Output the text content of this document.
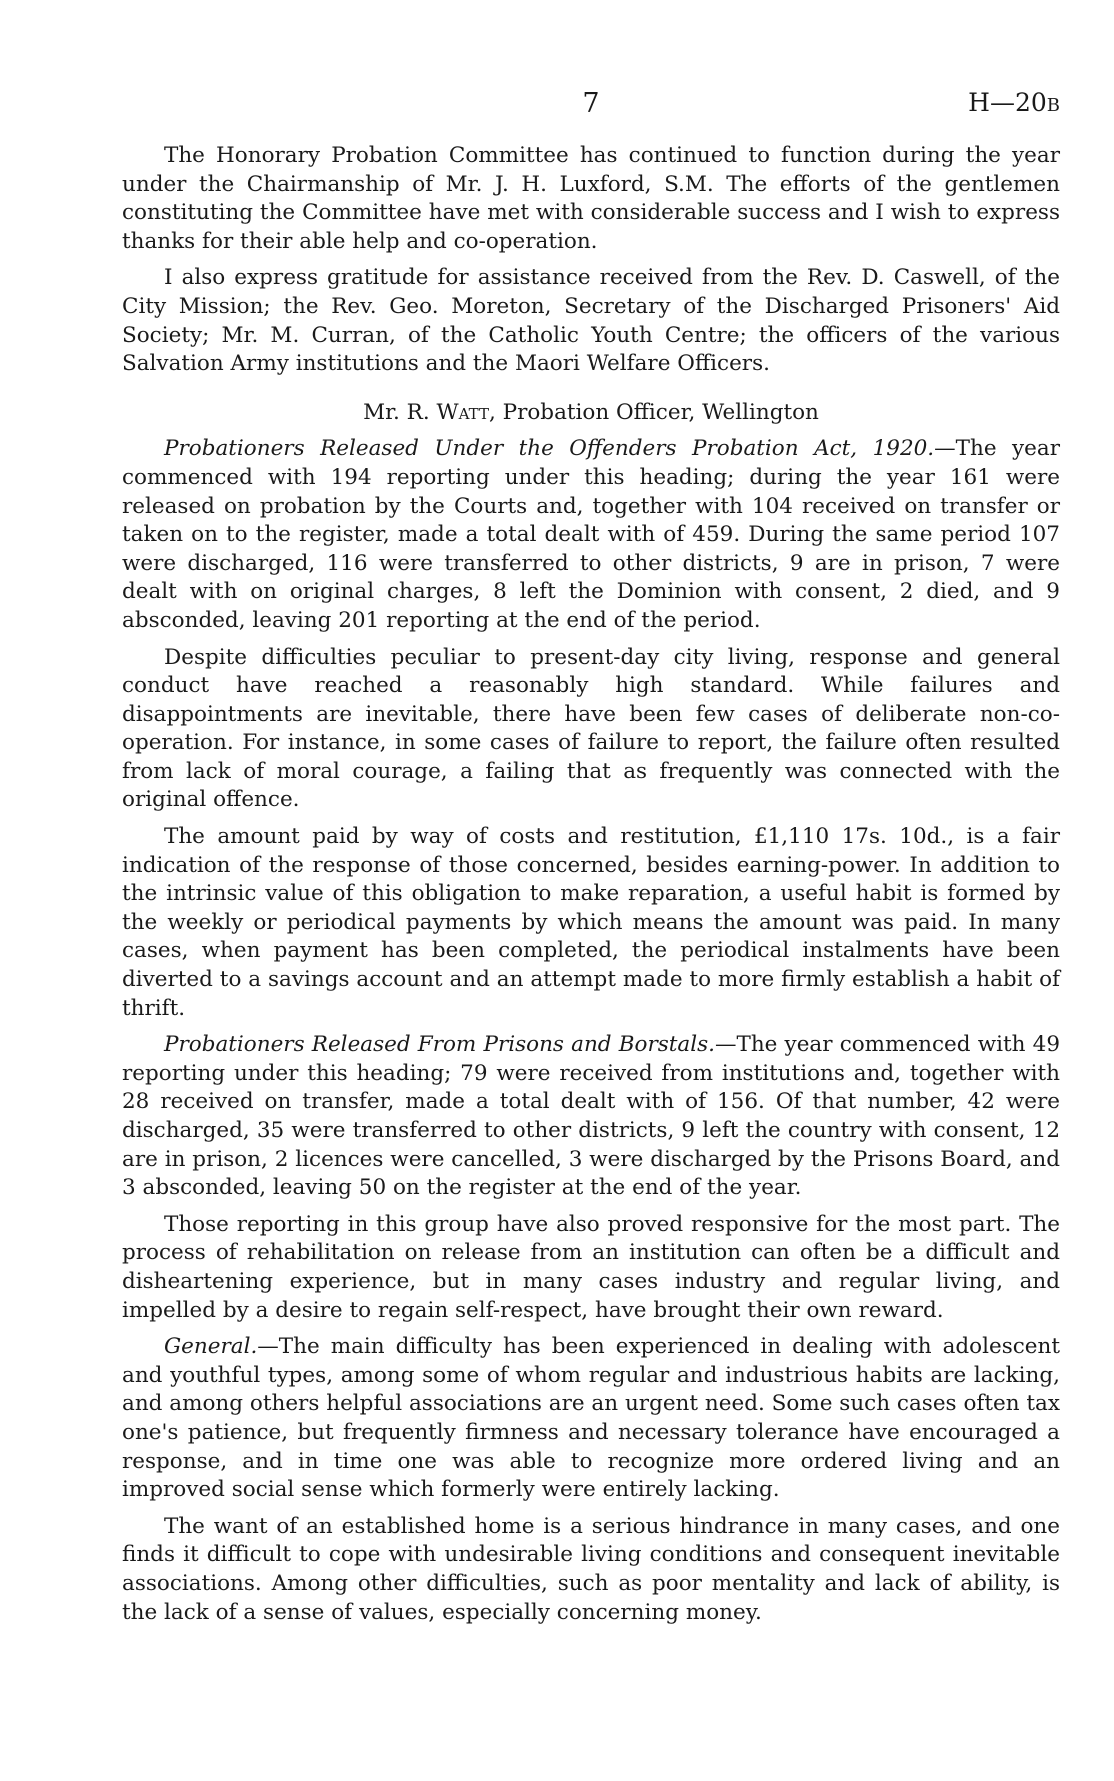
7	H—20B

The Honorary Probation Committee has continued to function during the year under the Chairmanship of Mr. J. H. Luxford, S.M. The efforts of the gentlemen constituting the Committee have met with considerable success and I wish to express thanks for their able help and co-operation.

I also express gratitude for assistance received from the Rev. D. Caswell, of the City Mission; the Rev. Geo. Moreton, Secretary of the Discharged Prisoners' Aid Society; Mr. M. Curran, of the Catholic Youth Centre; the officers of the various Salvation Army institutions and the Maori Welfare Officers.

Mr. R. Watt, Probation Officer, Wellington

Probationers Released Under the Offenders Probation Act, 1920.—The year commenced with 194 reporting under this heading; during the year 161 were released on probation by the Courts and, together with 104 received on transfer or taken on to the register, made a total dealt with of 459. During the same period 107 were discharged, 116 were transferred to other districts, 9 are in prison, 7 were dealt with on original charges, 8 left the Dominion with consent, 2 died, and 9 absconded, leaving 201 reporting at the end of the period.

Despite difficulties peculiar to present-day city living, response and general conduct have reached a reasonably high standard. While failures and disappointments are inevitable, there have been few cases of deliberate non-co-operation. For instance, in some cases of failure to report, the failure often resulted from lack of moral courage, a failing that as frequently was connected with the original offence.

The amount paid by way of costs and restitution, £1,110 17s. 10d., is a fair indication of the response of those concerned, besides earning-power. In addition to the intrinsic value of this obligation to make reparation, a useful habit is formed by the weekly or periodical payments by which means the amount was paid. In many cases, when payment has been completed, the periodical instalments have been diverted to a savings account and an attempt made to more firmly establish a habit of thrift.

Probationers Released From Prisons and Borstals.—The year commenced with 49 reporting under this heading; 79 were received from institutions and, together with 28 received on transfer, made a total dealt with of 156. Of that number, 42 were discharged, 35 were transferred to other districts, 9 left the country with consent, 12 are in prison, 2 licences were cancelled, 3 were discharged by the Prisons Board, and 3 absconded, leaving 50 on the register at the end of the year.

Those reporting in this group have also proved responsive for the most part. The process of rehabilitation on release from an institution can often be a difficult and disheartening experience, but in many cases industry and regular living, and impelled by a desire to regain self-respect, have brought their own reward.

General.—The main difficulty has been experienced in dealing with adolescent and youthful types, among some of whom regular and industrious habits are lacking, and among others helpful associations are an urgent need. Some such cases often tax one's patience, but frequently firmness and necessary tolerance have encouraged a response, and in time one was able to recognize more ordered living and an improved social sense which formerly were entirely lacking.

The want of an established home is a serious hindrance in many cases, and one finds it difficult to cope with undesirable living conditions and consequent inevitable associations. Among other difficulties, such as poor mentality and lack of ability, is the lack of a sense of values, especially concerning money.
